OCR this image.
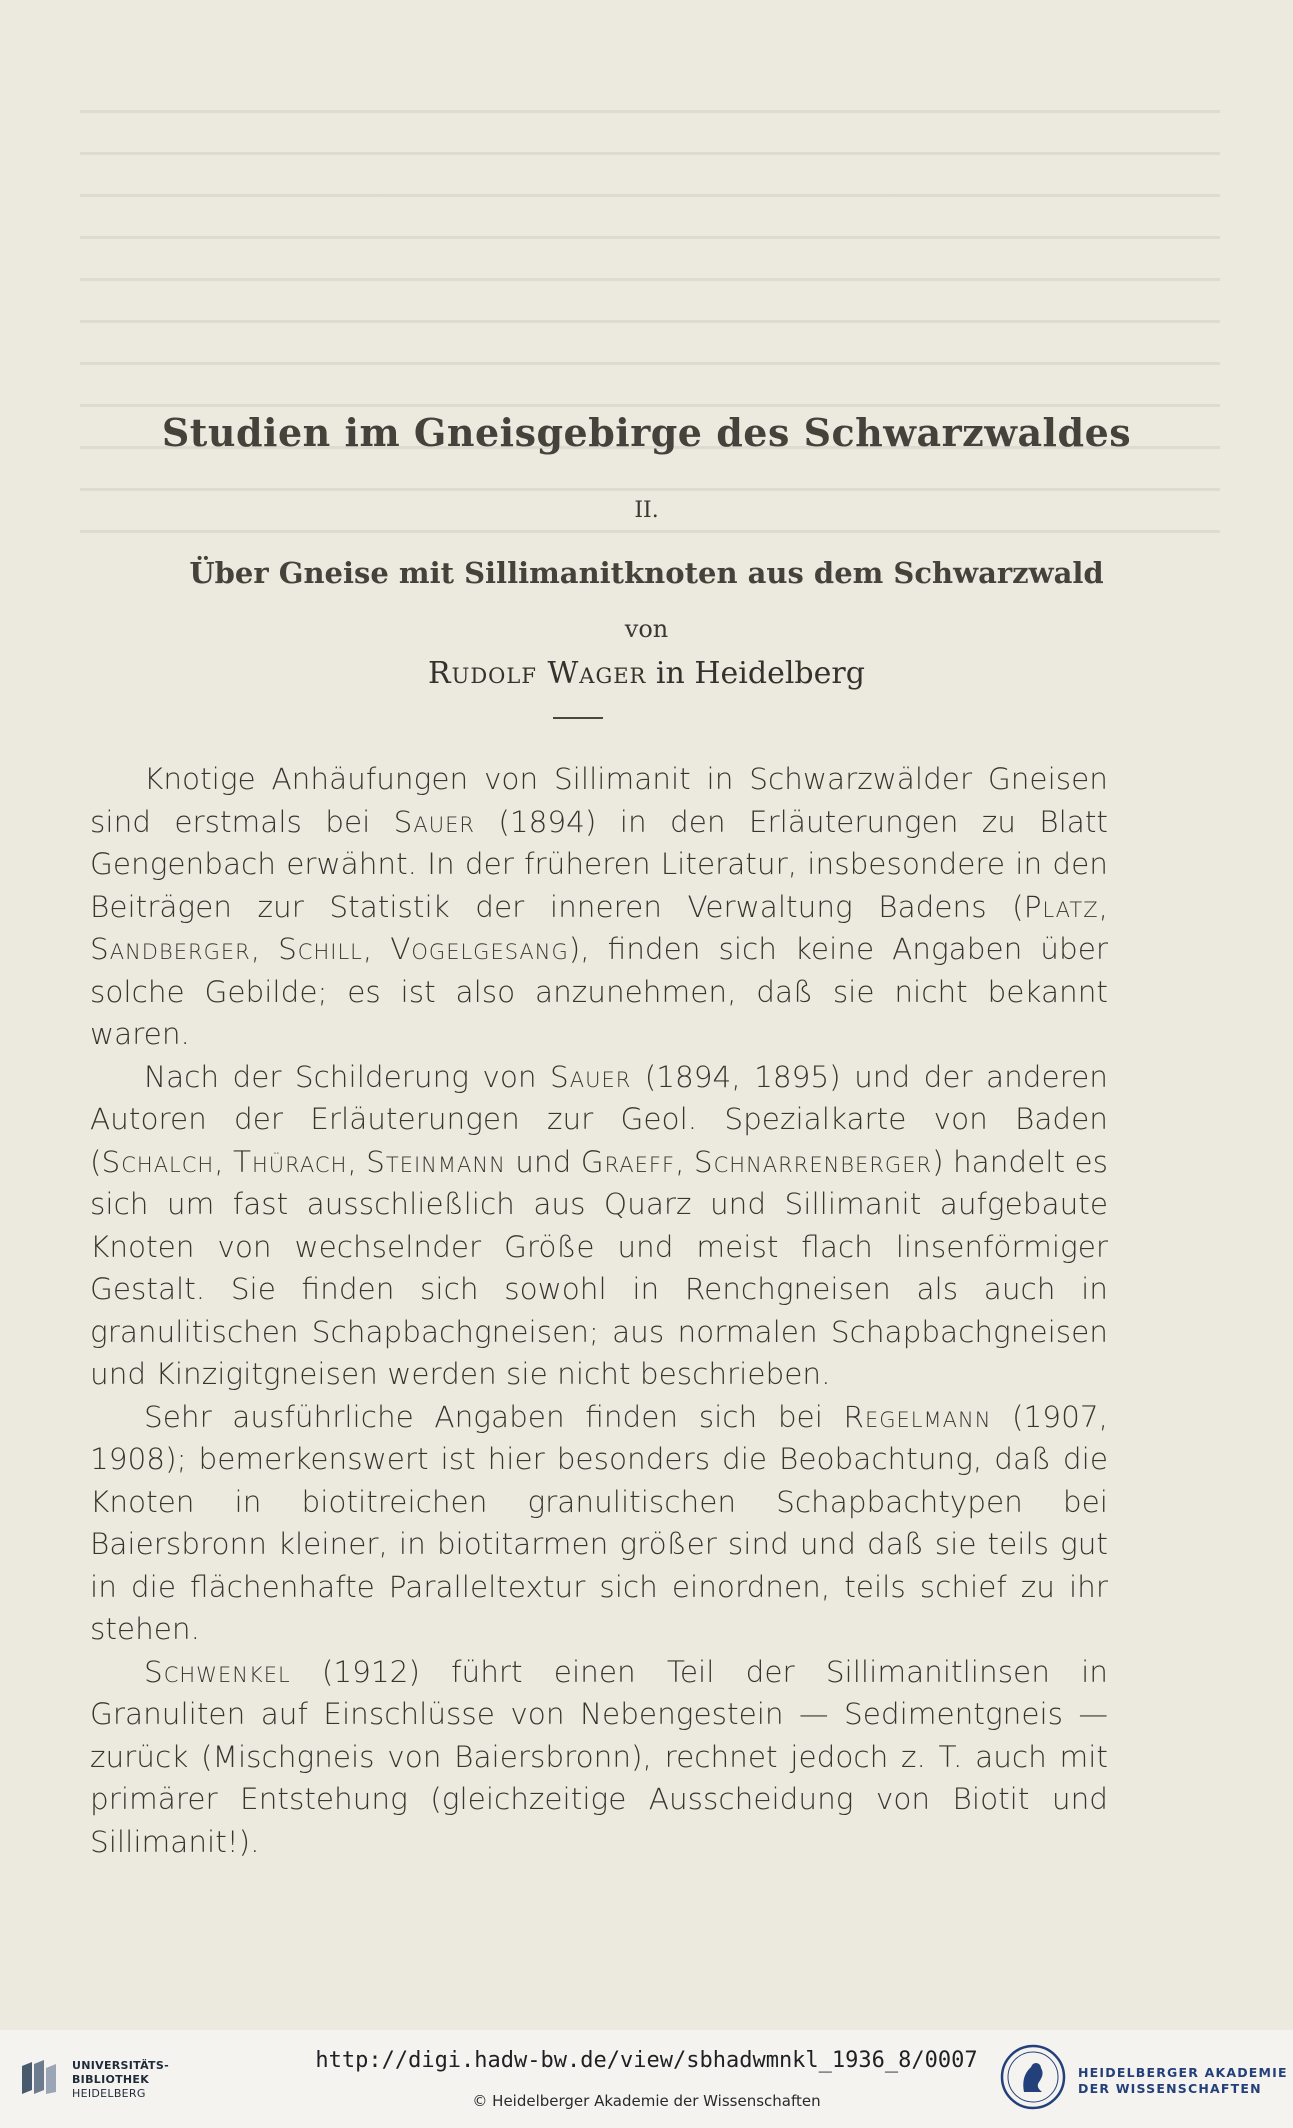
Studien im Gneisgebirge des Schwarzwaldes
II.
Über Gneise mit Sillimanitknoten aus dem Schwarzwald
von
Rudolf Wager in Heidelberg

Knotige Anhäufungen von Sillimanit in Schwarzwälder Gneisen sind erstmals bei Sauer (1894) in den Erläuterungen zu Blatt Gengenbach erwähnt. In der früheren Literatur, insbesondere in den Beiträgen zur Statistik der inneren Verwaltung Badens (Platz, Sandberger, Schill, Vogelgesang), finden sich keine Angaben über solche Gebilde; es ist also anzunehmen, daß sie nicht bekannt waren.

Nach der Schilderung von Sauer (1894, 1895) und der anderen Autoren der Erläuterungen zur Geol. Spezialkarte von Baden (Schalch, Thürach, Steinmann und Graeff, Schnarrenberger) handelt es sich um fast ausschließlich aus Quarz und Sillimanit aufgebaute Knoten von wechselnder Größe und meist flach linsenförmiger Gestalt. Sie finden sich sowohl in Renchgneisen als auch in granulitischen Schapbachgneisen; aus normalen Schapbachgneisen und Kinzigitgneisen werden sie nicht beschrieben.

Sehr ausführliche Angaben finden sich bei Regelmann (1907, 1908); bemerkenswert ist hier besonders die Beobachtung, daß die Knoten in biotitreichen granulitischen Schapbachtypen bei Baiersbronn kleiner, in biotitarmen größer sind und daß sie teils gut in die flächenhafte Paralleltextur sich einordnen, teils schief zu ihr stehen.

Schwenkel (1912) führt einen Teil der Sillimanitlinsen in Granuliten auf Einschlüsse von Nebengestein — Sedimentgneis — zurück (Mischgneis von Baiersbronn), rechnet jedoch z. T. auch mit primärer Entstehung (gleichzeitige Ausscheidung von Biotit und Sillimanit!).

UNIVERSITÄTS-
BIBLIOTHEK
HEIDELBERG
http://digi.hadw-bw.de/view/sbhadwmnkl_1936_8/0007
© Heidelberger Akademie der Wissenschaften
HEIDELBERGER AKADEMIE
DER WISSENSCHAFTEN
